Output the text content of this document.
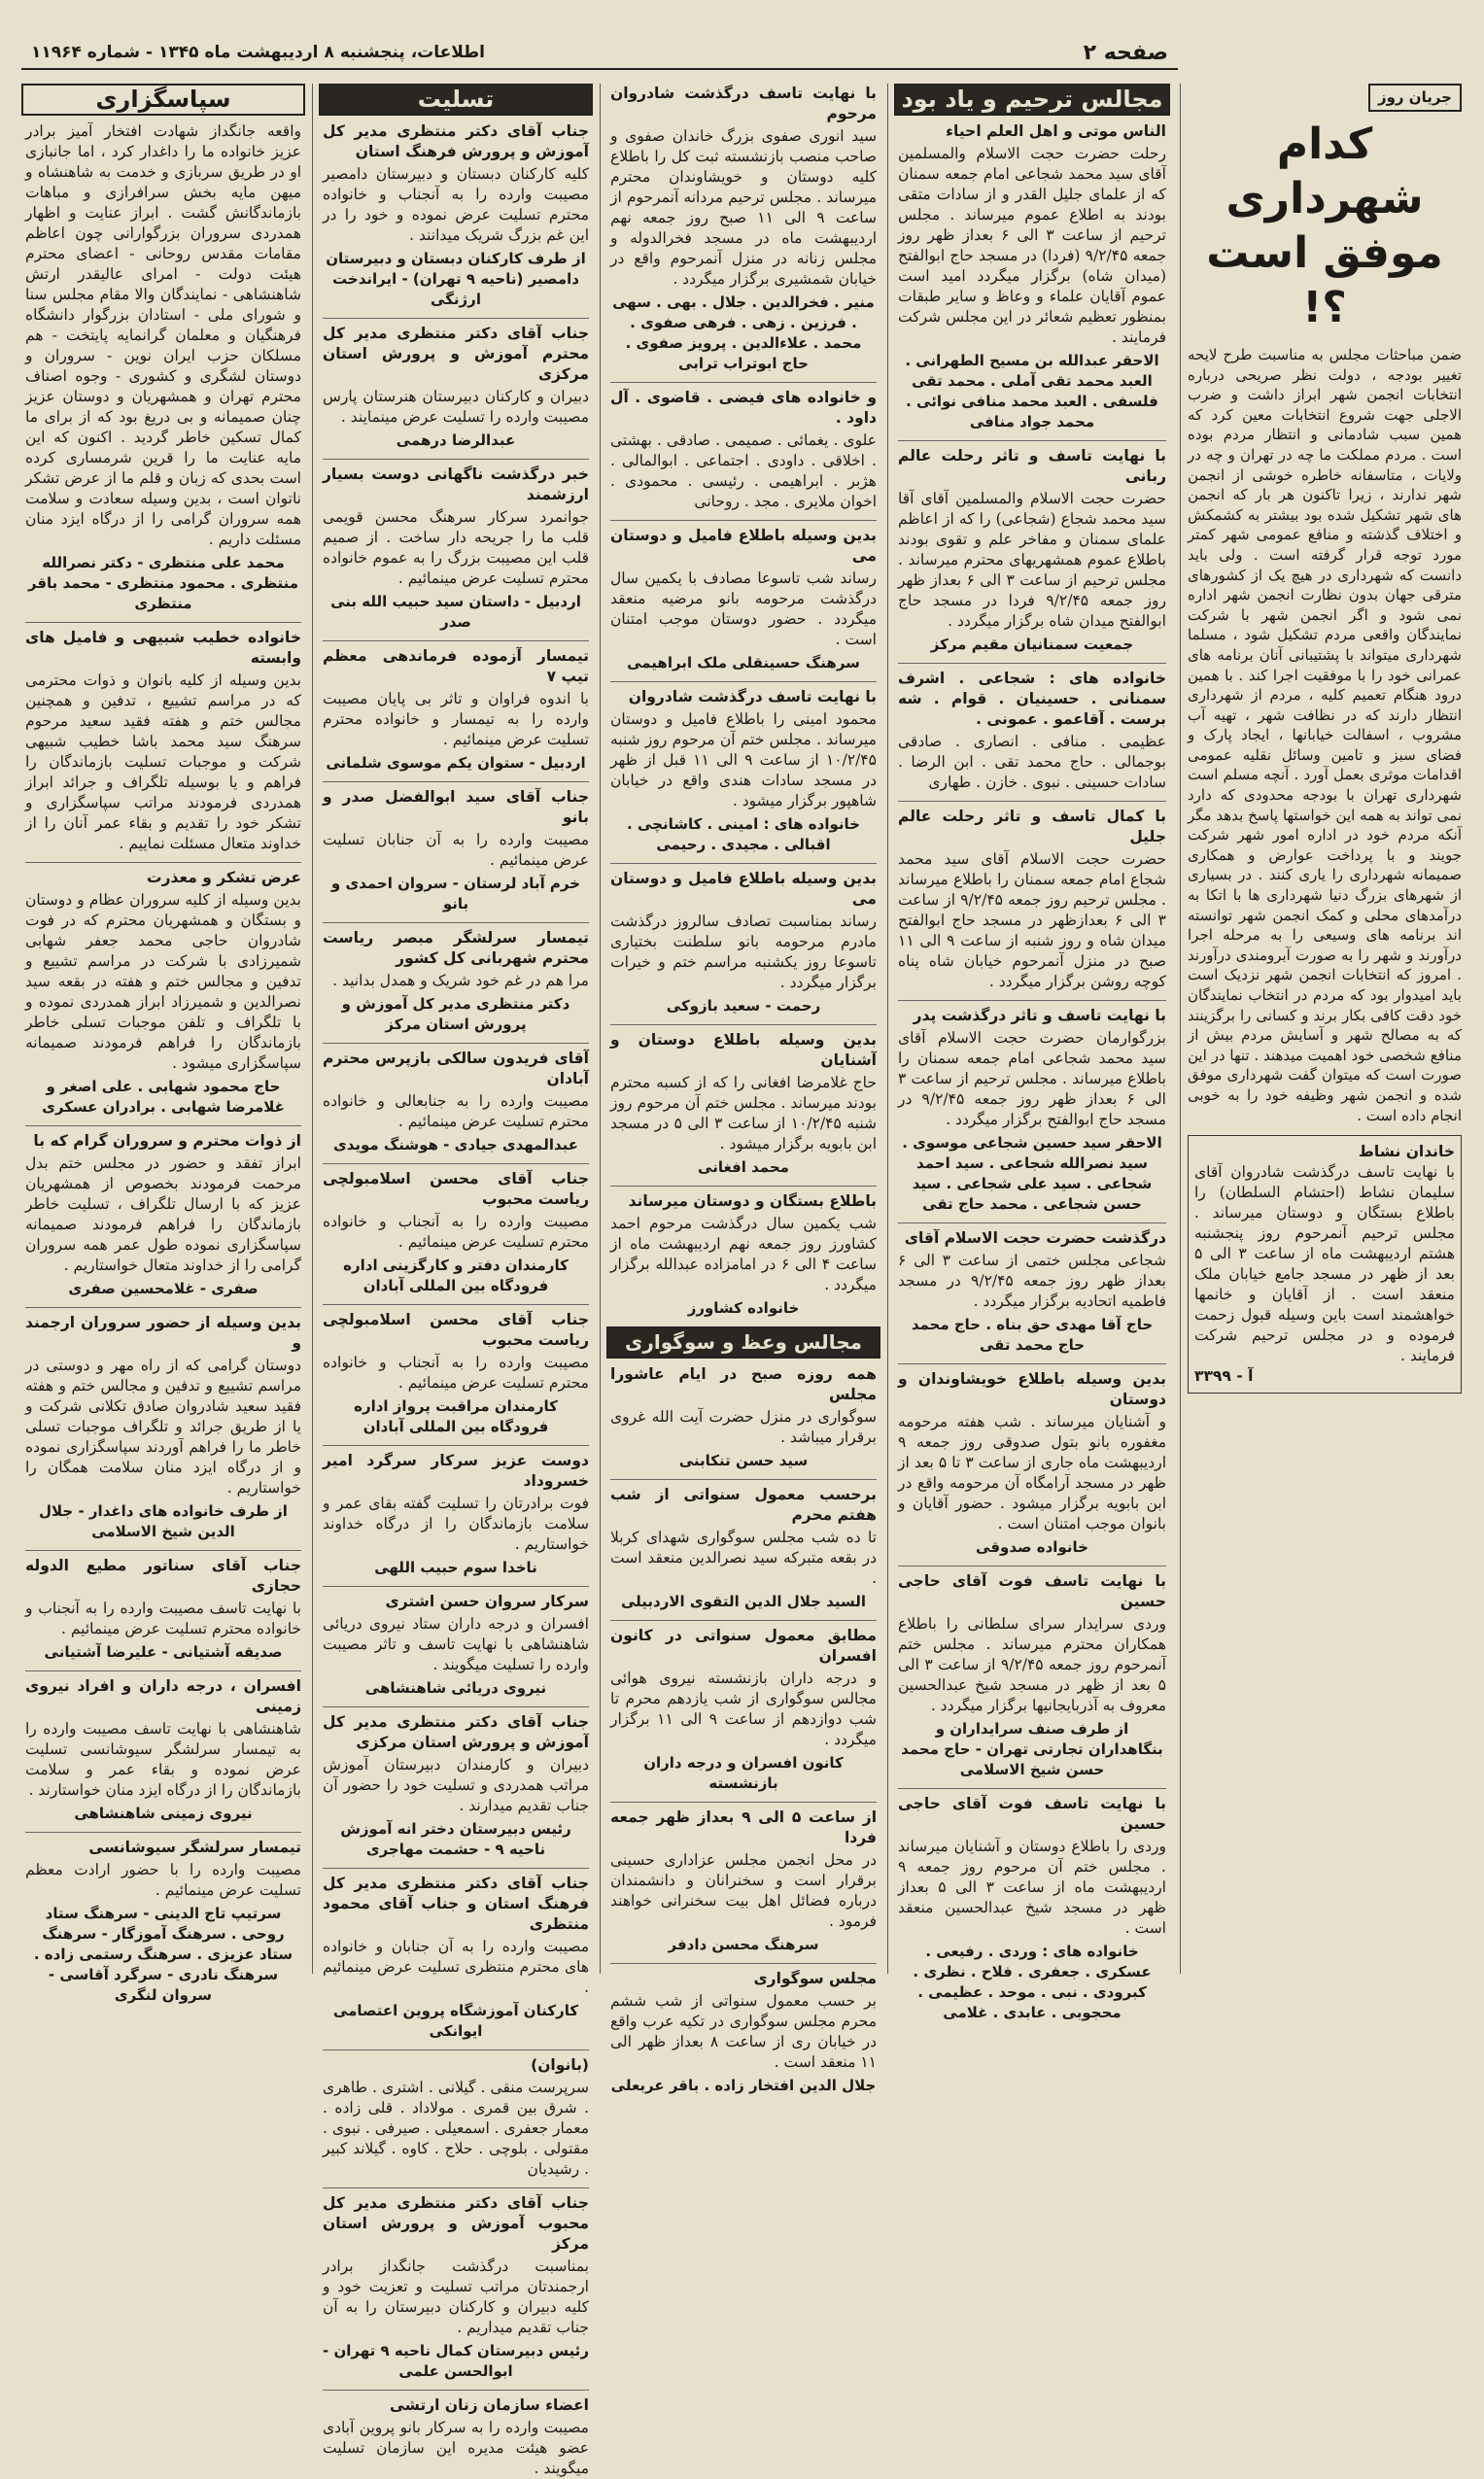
صفحه ۲
اطلاعات، پنجشنبه ۸ اردیبهشت ماه ۱۳۴۵ - شماره ۱۱۹۶۴
جریان روز
کدام شهرداری موفق است ؟!
ضمن مباحثات مجلس به مناسبت طرح لایحه تغییر بودجه ، دولت نظر صریحی درباره انتخابات انجمن شهر ابراز داشت و ضرب الاجلی جهت شروع انتخابات معین کرد که همین سبب شادمانی و انتظار مردم بوده است . مردم مملکت ما چه در تهران و چه در ولایات ، متاسفانه خاطره خوشی از انجمن شهر ندارند ، زیرا تاکنون هر بار که انجمن های شهر تشکیل شده بود بیشتر به کشمکش و اختلاف گذشته و منافع عمومی شهر کمتر مورد توجه قرار گرفته است . ولی باید دانست که شهرداری در هیچ یک از کشورهای مترقی جهان بدون نظارت انجمن شهر اداره نمی شود و اگر انجمن شهر با شرکت نمایندگان واقعی مردم تشکیل شود ، مسلما شهرداری میتواند با پشتیبانی آنان برنامه های عمرانی خود را با موفقیت اجرا کند . با همین درود هنگام تعمیم کلیه ، مردم از شهرداری انتظار دارند که در نظافت شهر ، تهیه آب مشروب ، اسفالت خیابانها ، ایجاد پارک و فضای سبز و تامین وسائل نقلیه عمومی اقدامات موثری بعمل آورد . آنچه مسلم است شهرداری تهران با بودجه محدودی که دارد نمی تواند به همه این خواستها پاسخ بدهد مگر آنکه مردم خود در اداره امور شهر شرکت جویند و با پرداخت عوارض و همکاری صمیمانه شهرداری را یاری کنند . در بسیاری از شهرهای بزرگ دنیا شهرداری ها با اتکا به درآمدهای محلی و کمک انجمن شهر توانسته اند برنامه های وسیعی را به مرحله اجرا درآورند و شهر را به صورت آبرومندی درآورند . امروز که انتخابات انجمن شهر نزدیک است باید امیدوار بود که مردم در انتخاب نمایندگان خود دقت کافی بکار برند و کسانی را برگزینند که به مصالح شهر و آسایش مردم بیش از منافع شخصی خود اهمیت میدهند . تنها در این صورت است که میتوان گفت شهرداری موفق شده و انجمن شهر وظیفه خود را به خوبی انجام داده است .
خاندان نشاط
با نهایت تاسف درگذشت شادروان آقای سلیمان نشاط (احتشام السلطان) را باطلاع بستگان و دوستان میرساند . مجلس ترحیم آنمرحوم روز پنجشنبه هشتم اردیبهشت ماه از ساعت ۳ الی ۵ بعد از ظهر در مسجد جامع خیابان ملک منعقد است . از آقایان و خانمها خواهشمند است باین وسیله قبول زحمت فرموده و در مجلس ترحیم شرکت فرمایند .
آ - ۳۳۹۹
مجالس ترحیم و یاد بود
الناس موتی و اهل العلم احیاء
رحلت حضرت حجت الاسلام والمسلمین آقای سید محمد شجاعی امام جمعه سمنان که از علمای جلیل القدر و از سادات متقی بودند به اطلاع عموم میرساند . مجلس ترحیم از ساعت ۳ الی ۶ بعداز ظهر روز جمعه ۹/۲/۴۵ (فردا) در مسجد حاج ابوالفتح (میدان شاه) برگزار میگردد امید است عموم آقایان علماء و وعاظ و سایر طبقات بمنظور تعظیم شعائر در این مجلس شرکت فرمایند .
الاحقر عبدالله بن مسیح الطهرانی . العبد محمد تقی آملی . محمد تقی فلسفی . العبد محمد منافی نوائی . محمد جواد منافی
با نهایت تاسف و تاثر رحلت عالم ربانی
حضرت حجت الاسلام والمسلمین آقای آقا سید محمد شجاع (شجاعی) را که از اعاظم علمای سمنان و مفاخر علم و تقوی بودند باطلاع عموم همشهریهای محترم میرساند . مجلس ترحیم از ساعت ۳ الی ۶ بعداز ظهر روز جمعه ۹/۲/۴۵ فردا در مسجد حاج ابوالفتح میدان شاه برگزار میگردد .
جمعیت سمنانیان مقیم مرکز
خانواده های : شجاعی . اشرف سمنانی . حسینیان . قوام . شه برست . آقاعمو . عمونی .
عظیمی . منافی . انصاری . صادقی بوجمالی . حاج محمد تقی . ابن الرضا . سادات حسینی . نبوی . خازن . طهاری
با کمال تاسف و تاثر رحلت عالم جلیل
حضرت حجت الاسلام آقای سید محمد شجاع امام جمعه سمنان را باطلاع میرساند . مجلس ترحیم روز جمعه ۹/۲/۴۵ از ساعت ۳ الی ۶ بعدازظهر در مسجد حاج ابوالفتح میدان شاه و روز شنبه از ساعت ۹ الی ۱۱ صبح در منزل آنمرحوم خیابان شاه پناه کوچه روشن برگزار میگردد .
با نهایت تاسف و تاثر درگذشت پدر
بزرگوارمان حضرت حجت الاسلام آقای سید محمد شجاعی امام جمعه سمنان را باطلاع میرساند . مجلس ترحیم از ساعت ۳ الی ۶ بعداز ظهر روز جمعه ۹/۲/۴۵ در مسجد حاج ابوالفتح برگزار میگردد .
الاحقر سید حسین شجاعی موسوی . سید نصرالله شجاعی . سید احمد شجاعی . سید علی شجاعی . سید حسن شجاعی . محمد حاج تقی
درگذشت حضرت حجت الاسلام آقای
شجاعی مجلس ختمی از ساعت ۳ الی ۶ بعداز ظهر روز جمعه ۹/۲/۴۵ در مسجد فاطمیه اتحادیه برگزار میگردد .
حاج آقا مهدی حق بناه . حاج محمد حاج محمد تقی
بدین وسیله باطلاع خویشاوندان و دوستان
و آشنایان میرساند . شب هفته مرحومه مغفوره بانو بتول صدوقی روز جمعه ۹ اردیبهشت ماه جاری از ساعت ۳ تا ۵ بعد از ظهر در مسجد آرامگاه آن مرحومه واقع در ابن بابویه برگزار میشود . حضور آقایان و بانوان موجب امتنان است .
خانواده صدوقی
با نهایت تاسف فوت آقای حاجی حسین
وردی سرایدار سرای سلطانی را باطلاع همکاران محترم میرساند . مجلس ختم آنمرحوم روز جمعه ۹/۲/۴۵ از ساعت ۳ الی ۵ بعد از ظهر در مسجد شیخ عبدالحسین معروف به آذربایجانیها برگزار میگردد .
از طرف صنف سرایداران و بنگاهداران تجارتی تهران - حاج محمد حسن شیخ الاسلامی
با نهایت تاسف فوت آقای حاجی حسین
وردی را باطلاع دوستان و آشنایان میرساند . مجلس ختم آن مرحوم روز جمعه ۹ اردیبهشت ماه از ساعت ۳ الی ۵ بعداز ظهر در مسجد شیخ عبدالحسین منعقد است .
خانواده های : وردی . رفیعی . عسکری . جعفری . فلاح . نظری . کبرودی . نبی . موحد . عظیمی . محجوبی . عابدی . غلامی
با نهایت تاسف درگذشت شادروان مرحوم
سید انوری صفوی بزرگ خاندان صفوی و صاحب منصب بازنشسته ثبت کل را باطلاع کلیه دوستان و خویشاوندان محترم میرساند . مجلس ترحیم مردانه آنمرحوم از ساعت ۹ الی ۱۱ صبح روز جمعه نهم اردیبهشت ماه در مسجد فخرالدوله و مجلس زنانه در منزل آنمرحوم واقع در خیابان شمشیری برگزار میگردد .
منیر . فخرالدین . جلال . بهی . سهی . فرزین . زهی . فرهی صفوی . محمد . علاءالدین . پرویز صفوی . حاج ابوتراب ترابی
و خانواده های فیضی . قاضوی . آل داود .
علوی . یغمائی . صمیمی . صادقی . بهشتی . اخلاقی . داودی . اجتماعی . ابوالمالی . هژبر . ابراهیمی . رئیسی . محمودی . اخوان ملایری . مجد . روحانی
بدین وسیله باطلاع فامیل و دوستان می
رساند شب تاسوعا مصادف با یکمین سال درگذشت مرحومه بانو مرضیه منعقد میگردد . حضور دوستان موجب امتنان است .
سرهنگ حسینقلی ملک ابراهیمی
با نهایت تاسف درگذشت شادروان
محمود امینی را باطلاع فامیل و دوستان میرساند . مجلس ختم آن مرحوم روز شنبه ۱۰/۲/۴۵ از ساعت ۹ الی ۱۱ قبل از ظهر در مسجد سادات هندی واقع در خیابان شاهپور برگزار میشود .
خانواده های : امینی . کاشانچی . اقبالی . مجیدی . رحیمی
بدین وسیله باطلاع فامیل و دوستان می
رساند بمناسبت تصادف سالروز درگذشت مادرم مرحومه بانو سلطنت بختیاری تاسوعا روز یکشنبه مراسم ختم و خیرات برگزار میگردد .
رحمت - سعید بازوکی
بدین وسیله باطلاع دوستان و آشنایان
حاج غلامرضا افغانی را که از کسبه محترم بودند میرساند . مجلس ختم آن مرحوم روز شنبه ۱۰/۲/۴۵ از ساعت ۳ الی ۵ در مسجد ابن بابویه برگزار میشود .
محمد افغانی
باطلاع بستگان و دوستان میرساند
شب یکمین سال درگذشت مرحوم احمد کشاورز روز جمعه نهم اردیبهشت ماه از ساعت ۴ الی ۶ در امامزاده عبدالله برگزار میگردد .
خانواده کشاورز
مجالس وعظ و سوگواری
همه روزه صبح در ایام عاشورا مجلس
سوگواری در منزل حضرت آیت الله غروی برقرار میباشد .
سید حسن تنکابنی
برحسب معمول سنواتی از شب هفتم محرم
تا ده شب مجلس سوگواری شهدای کربلا در بقعه متبرکه سید نصرالدین منعقد است .
السید جلال الدین التقوی الاردبیلی
مطابق معمول سنواتی در کانون افسران
و درجه داران بازنشسته نیروی هوائی مجالس سوگواری از شب یازدهم محرم تا شب دوازدهم از ساعت ۹ الی ۱۱ برگزار میگردد .
کانون افسران و درجه داران بازنشسته
از ساعت ۵ الی ۹ بعداز ظهر جمعه فردا
در محل انجمن مجلس عزاداری حسینی برقرار است و سخنرانان و دانشمندان درباره فضائل اهل بیت سخنرانی خواهند فرمود .
سرهنگ محسن دادفر
مجلس سوگواری
بر حسب معمول سنواتی از شب ششم محرم مجلس سوگواری در تکیه عرب واقع در خیابان ری از ساعت ۸ بعداز ظهر الی ۱۱ منعقد است .
جلال الدین افتخار زاده . باقر عربعلی
تسلیت
جناب آقای دکتر منتظری مدیر کل آموزش و پرورش فرهنگ استان
کلیه کارکنان دبستان و دبیرستان دامصیر مصیبت وارده را به آنجناب و خانواده محترم تسلیت عرض نموده و خود را در این غم بزرگ شریک میدانند .
از طرف کارکنان دبستان و دبیرستان دامصیر (ناحیه ۹ تهران) - ایراندخت ارژنگی
جناب آقای دکتر منتظری مدیر کل محترم آموزش و پرورش استان مرکزی
دبیران و کارکنان دبیرستان هنرستان پارس مصیبت وارده را تسلیت عرض مینمایند .
عبدالرضا درهمی
خبر درگذشت ناگهانی دوست بسیار ارزشمند
جوانمرد سرکار سرهنگ محسن قویمی قلب ما را جریحه دار ساخت . از صمیم قلب این مصیبت بزرگ را به عموم خانواده محترم تسلیت عرض مینمائیم .
اردبیل - داستان سید حبیب الله بنی صدر
تیمسار آزموده فرماندهی معظم تیپ ۷
با اندوه فراوان و تاثر بی پایان مصیبت وارده را به تیمسار و خانواده محترم تسلیت عرض مینمائیم .
اردبیل - ستوان یکم موسوی شلمانی
جناب آقای سید ابوالفضل صدر و بانو
مصیبت وارده را به آن جنابان تسلیت عرض مینمائیم .
خرم آباد لرستان - سروان احمدی و بانو
تیمسار سرلشگر مبصر ریاست محترم شهربانی کل کشور
مرا هم در غم خود شریک و همدل بدانید .
دکتر منتظری مدیر کل آموزش و پرورش استان مرکز
آقای فریدون سالکی بازپرس محترم آبادان
مصیبت وارده را به جنابعالی و خانواده محترم تسلیت عرض مینمائیم .
عبدالمهدی جیادی - هوشنگ مویدی
جناب آقای محسن اسلامبولچی ریاست محبوب
مصیبت وارده را به آنجناب و خانواده محترم تسلیت عرض مینمائیم .
کارمندان دفتر و کارگزینی اداره فرودگاه بین المللی آبادان
جناب آقای محسن اسلامبولچی ریاست محبوب
مصیبت وارده را به آنجناب و خانواده محترم تسلیت عرض مینمائیم .
کارمندان مراقبت پرواز اداره فرودگاه بین المللی آبادان
دوست عزیز سرکار سرگرد امیر خسروداد
فوت برادرتان را تسلیت گفته بقای عمر و سلامت بازماندگان را از درگاه خداوند خواستاریم .
ناخدا سوم حبیب اللهی
سرکار سروان حسن اشتری
افسران و درجه داران ستاد نیروی دریائی شاهنشاهی با نهایت تاسف و تاثر مصیبت وارده را تسلیت میگویند .
نیروی دریائی شاهنشاهی
جناب آقای دکتر منتظری مدیر کل آموزش و پرورش استان مرکزی
دبیران و کارمندان دبیرستان آموزش مراتب همدردی و تسلیت خود را حضور آن جناب تقدیم میدارند .
رئیس دبیرستان دختر انه آموزش ناحیه ۹ - حشمت مهاجری
جناب آقای دکتر منتظری مدیر کل فرهنگ استان و جناب آقای محمود منتظری
مصیبت وارده را به آن جنابان و خانواده های محترم منتظری تسلیت عرض مینمائیم .
کارکنان آموزشگاه پروین اعتصامی ایوانکی
(بانوان)
سرپرست منقی . گیلانی . اشتری . طاهری . شرق بین قمری . مولاداد . قلی زاده . معمار جعفری . اسمعیلی . صیرفی . نبوی . مقتولی . بلوچی . حلاج . کاوه . گیلاند کبیر . رشیدیان
جناب آقای دکتر منتظری مدیر کل محبوب آموزش و پرورش استان مرکز
بمناسبت درگذشت جانگداز برادر ارجمندتان مراتب تسلیت و تعزیت خود و کلیه دبیران و کارکنان دبیرستان را به آن جناب تقدیم میداریم .
رئیس دبیرستان کمال ناحیه ۹ تهران - ابوالحسن علمی
اعضاء سازمان زنان ارتشی
مصیبت وارده را به سرکار بانو پروین آبادی عضو هیئت مدیره این سازمان تسلیت میگویند .
سپاسگزاری
واقعه جانگداز شهادت افتخار آمیز برادر عزیز خانواده ما را داغدار کرد ، اما جانبازی او در طریق سربازی و خدمت به شاهنشاه و میهن مایه بخش سرافرازی و مباهات بازماندگانش گشت . ابراز عنایت و اظهار همدردی سروران بزرگوارانی چون اعاظم مقامات مقدس روحانی - اعضای محترم هیئت دولت - امرای عالیقدر ارتش شاهنشاهی - نمایندگان والا مقام مجلس سنا و شورای ملی - استادان بزرگوار دانشگاه فرهنگیان و معلمان گرانمایه پایتخت - هم مسلکان حزب ایران نوین - سروران و دوستان لشگری و کشوری - وجوه اصناف محترم تهران و همشهریان و دوستان عزیز چنان صمیمانه و بی دریغ بود که از برای ما کمال تسکین خاطر گردید . اکنون که این مایه عنایت ما را قرین شرمساری کرده است بحدی که زبان و قلم ما از عرض تشکر ناتوان است ، بدین وسیله سعادت و سلامت همه سروران گرامی را از درگاه ایزد منان مسئلت داریم .
محمد علی منتظری - دکتر نصرالله منتظری . محمود منتظری - محمد باقر منتظری
خانواده خطیب شبیهی و فامیل های وابسته
بدین وسیله از کلیه بانوان و ذوات محترمی که در مراسم تشییع ، تدفین و همچنین مجالس ختم و هفته فقید سعید مرحوم سرهنگ سید محمد باشا خطیب شبیهی شرکت و موجبات تسلیت بازماندگان را فراهم و یا بوسیله تلگراف و جرائد ابراز همدردی فرمودند مراتب سپاسگزاری و تشکر خود را تقدیم و بقاء عمر آنان را از خداوند متعال مسئلت نماییم .
عرض تشکر و معذرت
بدین وسیله از کلیه سروران عظام و دوستان و بستگان و همشهریان محترم که در فوت شادروان حاجی محمد جعفر شهابی شمیرزادی با شرکت در مراسم تشییع و تدفین و مجالس ختم و هفته در بقعه سید نصرالدین و شمیرزاد ابراز همدردی نموده و با تلگراف و تلفن موجبات تسلی خاطر بازماندگان را فراهم فرمودند صمیمانه سپاسگزاری میشود .
حاج محمود شهابی . علی اصغر و غلامرضا شهابی . برادران عسکری
از ذوات محترم و سروران گرام که با
ابراز تفقد و حضور در مجلس ختم بدل مرحمت فرمودند بخصوص از همشهریان عزیز که با ارسال تلگراف ، تسلیت خاطر بازماندگان را فراهم فرمودند صمیمانه سپاسگزاری نموده طول عمر همه سروران گرامی را از خداوند متعال خواستاریم .
صفری - غلامحسین صفری
بدین وسیله از حضور سروران ارجمند و
دوستان گرامی که از راه مهر و دوستی در مراسم تشییع و تدفین و مجالس ختم و هفته فقید سعید شادروان صادق تکلانی شرکت و یا از طریق جرائد و تلگراف موجبات تسلی خاطر ما را فراهم آوردند سپاسگزاری نموده و از درگاه ایزد منان سلامت همگان را خواستاریم .
از طرف خانواده های داغدار - جلال الدین شیخ الاسلامی
جناب آقای سناتور مطیع الدوله حجازی
با نهایت تاسف مصیبت وارده را به آنجناب و خانواده محترم تسلیت عرض مینمائیم .
صدیقه آشتیانی - علیرضا آشتیانی
افسران ، درجه داران و افراد نیروی زمینی
شاهنشاهی با نهایت تاسف مصیبت وارده را به تیمسار سرلشگر سیوشانسی تسلیت عرض نموده و بقاء عمر و سلامت بازماندگان را از درگاه ایزد منان خواستارند .
نیروی زمینی شاهنشاهی
تیمسار سرلشگر سیوشانسی
مصیبت وارده را با حضور ارادت معظم تسلیت عرض مینمائیم .
سرتیپ تاج الدینی - سرهنگ ستاد روحی . سرهنگ آموزگار - سرهنگ ستاد عزیزی . سرهنگ رستمی زاده . سرهنگ نادری - سرگرد آقاسی - سروان لنگری
